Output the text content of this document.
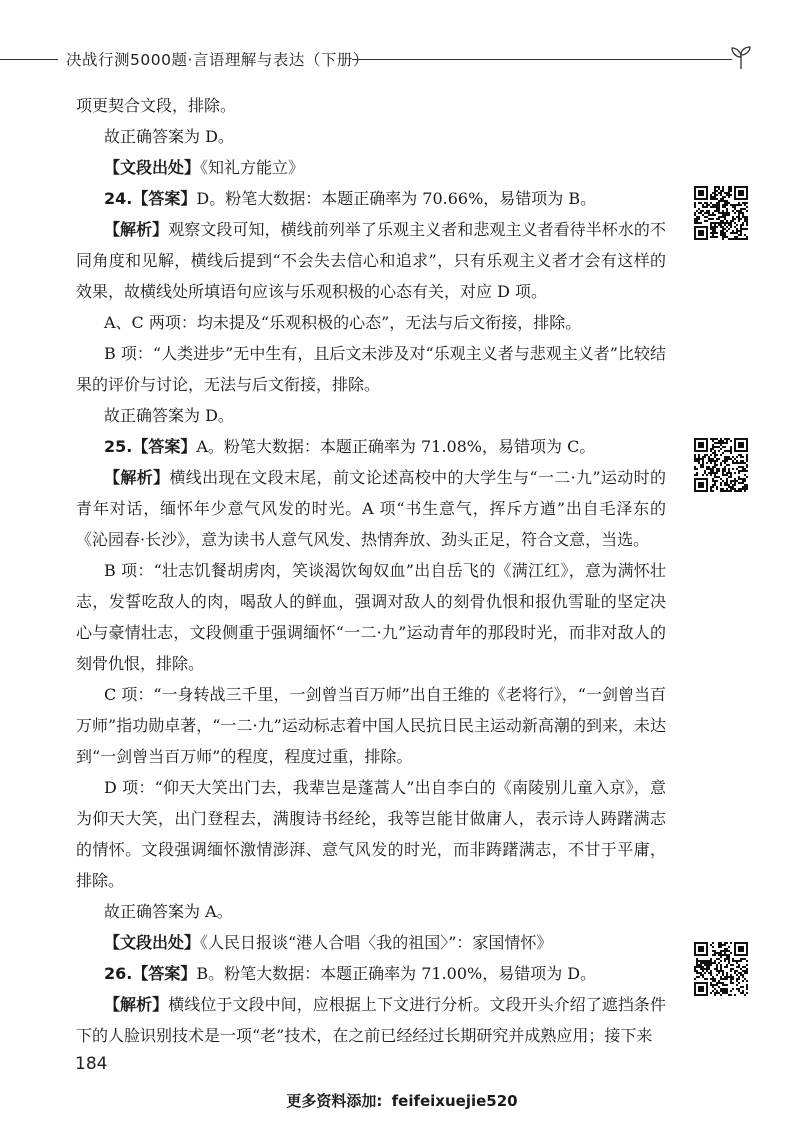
决战行测5000题·言语理解与表达（下册）

项更契合文段，排除。

故正确答案为 D。

【文段出处】《知礼方能立》

24.【答案】D。粉笔大数据：本题正确率为 70.66%，易错项为 B。

【解析】观察文段可知，横线前列举了乐观主义者和悲观主义者看待半杯水的不同角度和见解，横线后提到“不会失去信心和追求”，只有乐观主义者才会有这样的效果，故横线处所填语句应该与乐观积极的心态有关，对应 D 项。

A、C 两项：均未提及“乐观积极的心态”，无法与后文衔接，排除。

B 项：“人类进步”无中生有，且后文未涉及对“乐观主义者与悲观主义者”比较结果的评价与讨论，无法与后文衔接，排除。

故正确答案为 D。

25.【答案】A。粉笔大数据：本题正确率为 71.08%，易错项为 C。

【解析】横线出现在文段末尾，前文论述高校中的大学生与“一二·九”运动时的青年对话，缅怀年少意气风发的时光。A 项“书生意气，挥斥方遒”出自毛泽东的《沁园春·长沙》，意为读书人意气风发、热情奔放、劲头正足，符合文意，当选。

B 项：“壮志饥餐胡虏肉，笑谈渴饮匈奴血”出自岳飞的《满江红》，意为满怀壮志，发誓吃敌人的肉，喝敌人的鲜血，强调对敌人的刻骨仇恨和报仇雪耻的坚定决心与豪情壮志，文段侧重于强调缅怀“一二·九”运动青年的那段时光，而非对敌人的刻骨仇恨，排除。

C 项：“一身转战三千里，一剑曾当百万师”出自王维的《老将行》，“一剑曾当百万师”指功勋卓著，“一二·九”运动标志着中国人民抗日民主运动新高潮的到来，未达到“一剑曾当百万师”的程度，程度过重，排除。

D 项：“仰天大笑出门去，我辈岂是蓬蒿人”出自李白的《南陵别儿童入京》，意为仰天大笑，出门登程去，满腹诗书经纶，我等岂能甘做庸人，表示诗人踌躇满志的情怀。文段强调缅怀激情澎湃、意气风发的时光，而非踌躇满志，不甘于平庸，排除。

故正确答案为 A。

【文段出处】《人民日报谈“港人合唱〈我的祖国〉”：家国情怀》

26.【答案】B。粉笔大数据：本题正确率为 71.00%，易错项为 D。

【解析】横线位于文段中间，应根据上下文进行分析。文段开头介绍了遮挡条件下的人脸识别技术是一项“老”技术，在之前已经经过长期研究并成熟应用；接下来

184
更多资料添加: feifeixuejie520
